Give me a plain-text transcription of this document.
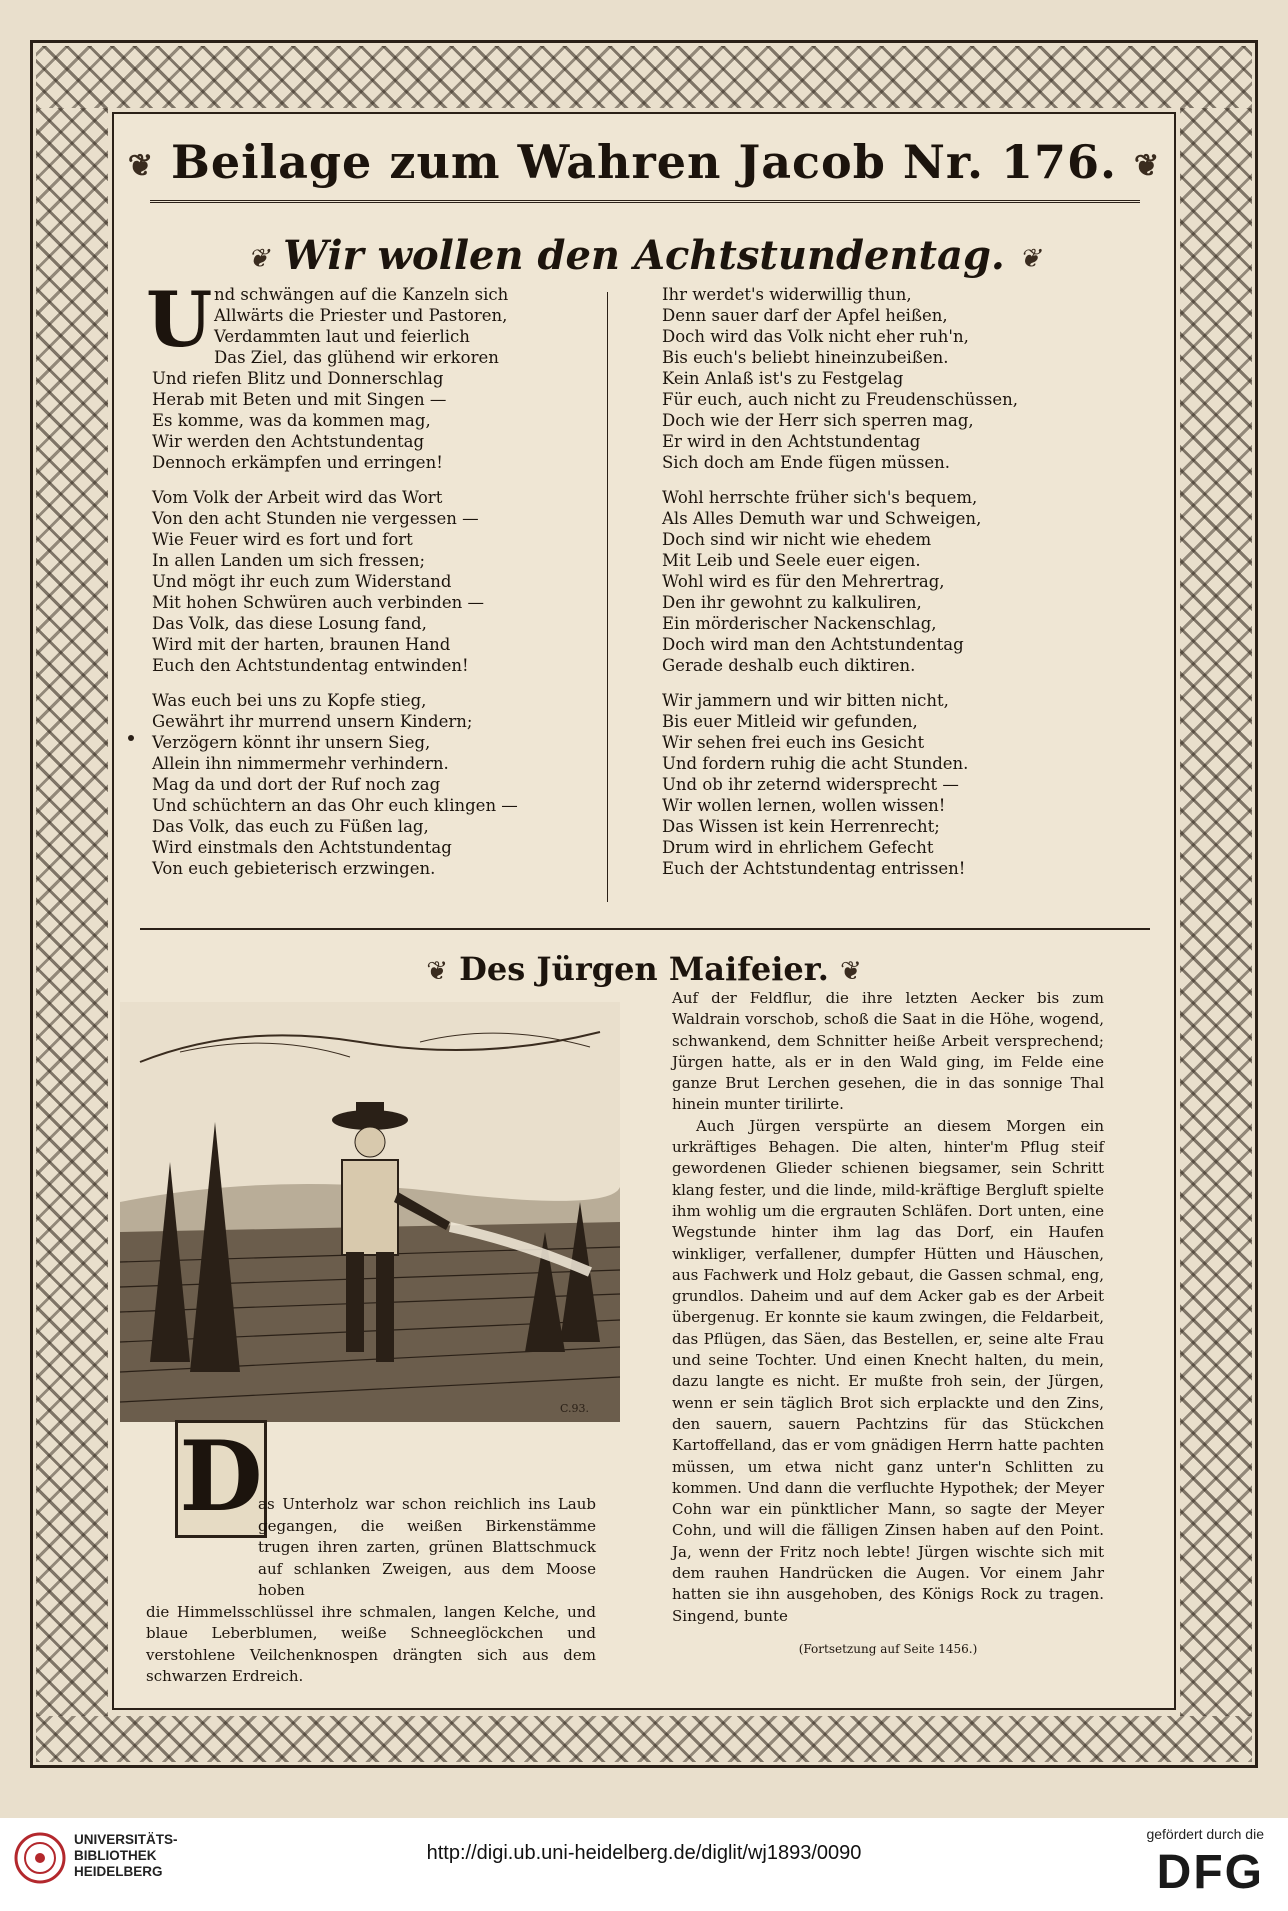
❦ Beilage zum Wahren Jacob Nr. 176. ❦
❦ Wir wollen den Achtstundentag. ❦
U nd schwängen auf die Kanzeln sich
Allwärts die Priester und Pastoren,
Verdammten laut und feierlich
Das Ziel, das glühend wir erkoren
Und riefen Blitz und Donnerschlag
Herab mit Beten und mit Singen —
Es komme, was da kommen mag,
Wir werden den Achtstundentag
Dennoch erkämpfen und erringen!
Vom Volk der Arbeit wird das Wort
Von den acht Stunden nie vergessen —
Wie Feuer wird es fort und fort
In allen Landen um sich fressen;
Und mögt ihr euch zum Widerstand
Mit hohen Schwüren auch verbinden —
Das Volk, das diese Losung fand,
Wird mit der harten, braunen Hand
Euch den Achtstundentag entwinden!
Was euch bei uns zu Kopfe stieg,
Gewährt ihr murrend unsern Kindern;
Verzögern könnt ihr unsern Sieg,
Allein ihn nimmermehr verhindern.
Mag da und dort der Ruf noch zag
Und schüchtern an das Ohr euch klingen —
Das Volk, das euch zu Füßen lag,
Wird einstmals den Achtstundentag
Von euch gebieterisch erzwingen.
Ihr werdet's widerwillig thun,
Denn sauer darf der Apfel heißen,
Doch wird das Volk nicht eher ruh'n,
Bis euch's beliebt hineinzubeißen.
Kein Anlaß ist's zu Festgelag
Für euch, auch nicht zu Freudenschüssen,
Doch wie der Herr sich sperren mag,
Er wird in den Achtstundentag
Sich doch am Ende fügen müssen.
Wohl herrschte früher sich's bequem,
Als Alles Demuth war und Schweigen,
Doch sind wir nicht wie ehedem
Mit Leib und Seele euer eigen.
Wohl wird es für den Mehrertrag,
Den ihr gewohnt zu kalkuliren,
Ein mörderischer Nackenschlag,
Doch wird man den Achtstundentag
Gerade deshalb euch diktiren.
Wir jammern und wir bitten nicht,
Bis euer Mitleid wir gefunden,
Wir sehen frei euch ins Gesicht
Und fordern ruhig die acht Stunden.
Und ob ihr zeternd widersprecht —
Wir wollen lernen, wollen wissen!
Das Wissen ist kein Herrenrecht;
Drum wird in ehrlichem Gefecht
Euch der Achtstundentag entrissen!
❦ Des Jürgen Maifeier. ❦
C.93.
D
as Unterholz war schon reichlich ins Laub gegangen, die weißen Birkenstämme trugen ihren zarten, grünen Blattschmuck auf schlanken Zweigen, aus dem Moose hoben
die Himmelsschlüssel ihre schmalen, langen Kelche, und blaue Leberblumen, weiße Schneeglöckchen und verstohlene Veilchenknospen drängten sich aus dem schwarzen Erdreich.

Auf der Feldflur, die ihre letzten Aecker bis zum Waldrain vorschob, schoß die Saat in die Höhe, wogend, schwankend, dem Schnitter heiße Arbeit versprechend; Jürgen hatte, als er in den Wald ging, im Felde eine ganze Brut Lerchen gesehen, die in das sonnige Thal hinein munter tirilirte.

Auch Jürgen verspürte an diesem Morgen ein urkräftiges Behagen. Die alten, hinter'm Pflug steif gewordenen Glieder schienen biegsamer, sein Schritt klang fester, und die linde, mild-kräftige Bergluft spielte ihm wohlig um die ergrauten Schläfen. Dort unten, eine Wegstunde hinter ihm lag das Dorf, ein Haufen winkliger, verfallener, dumpfer Hütten und Häuschen, aus Fachwerk und Holz gebaut, die Gassen schmal, eng, grundlos. Daheim und auf dem Acker gab es der Arbeit übergenug. Er konnte sie kaum zwingen, die Feldarbeit, das Pflügen, das Säen, das Bestellen, er, seine alte Frau und seine Tochter. Und einen Knecht halten, du mein, dazu langte es nicht. Er mußte froh sein, der Jürgen, wenn er sein täglich Brot sich erplackte und den Zins, den sauern, sauern Pachtzins für das Stückchen Kartoffelland, das er vom gnädigen Herrn hatte pachten müssen, um etwa nicht ganz unter'n Schlitten zu kommen. Und dann die verfluchte Hypothek; der Meyer Cohn war ein pünktlicher Mann, so sagte der Meyer Cohn, und will die fälligen Zinsen haben auf den Point. Ja, wenn der Fritz noch lebte! Jürgen wischte sich mit dem rauhen Handrücken die Augen. Vor einem Jahr hatten sie ihn ausgehoben, des Königs Rock zu tragen. Singend, bunte

(Fortsetzung auf Seite 1456.)
UNIVERSITÄTS-
BIBLIOTHEK
HEIDELBERG
http://digi.ub.uni-heidelberg.de/diglit/wj1893/0090
gefördert durch die
DFG
